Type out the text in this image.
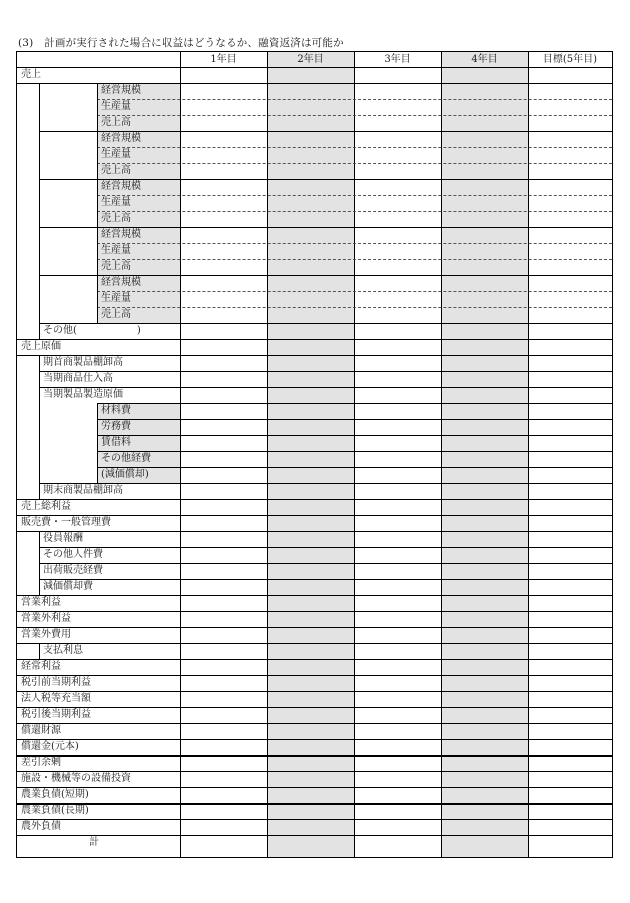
(3)　計画が実行された場合に収益はどうなるか、融資返済は可能か
1年目	2年目	3年目	4年目	目標(5年目)
売上
経営規模
生産量
売上高
経営規模
生産量
売上高
経営規模
生産量
売上高
経営規模
生産量
売上高
経営規模
生産量
売上高
その他(　　　　　　)
売上原価
期首商製品棚卸高
当期商品仕入高
当期製品製造原価
材料費
労務費
賃借料
その他経費
(減価償却)
期末商製品棚卸高
売上総利益
販売費・一般管理費
役員報酬
その他人件費
出荷販売経費
減価償却費
営業利益
営業外利益
営業外費用
支払利息
経常利益
税引前当期利益
法人税等充当額
税引後当期利益
償還財源
償還金(元本)
差引余剰
施設・機械等の設備投資
農業負債(短期)
農業負債(長期)
農外負債
計
